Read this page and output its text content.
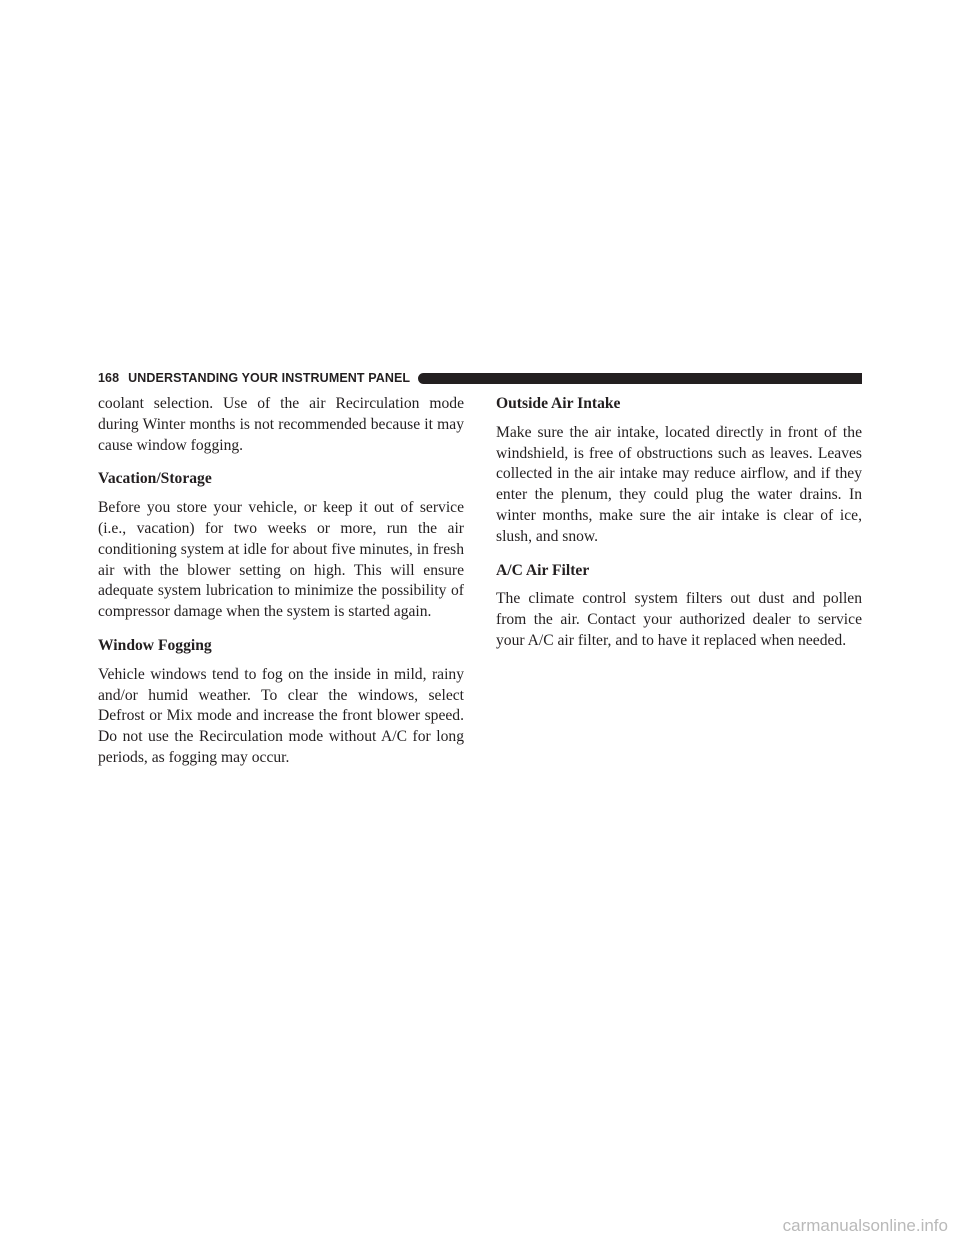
168 UNDERSTANDING YOUR INSTRUMENT PANEL

coolant selection. Use of the air Recirculation mode during Winter months is not recommended because it may cause window fogging.

Vacation/Storage

Before you store your vehicle, or keep it out of service (i.e., vacation) for two weeks or more, run the air conditioning system at idle for about five minutes, in fresh air with the blower setting on high. This will ensure adequate system lubrication to minimize the possibility of compressor damage when the system is started again.

Window Fogging

Vehicle windows tend to fog on the inside in mild, rainy and/or humid weather. To clear the windows, select Defrost or Mix mode and increase the front blower speed. Do not use the Recirculation mode without A/C for long periods, as fogging may occur.

Outside Air Intake

Make sure the air intake, located directly in front of the windshield, is free of obstructions such as leaves. Leaves collected in the air intake may reduce airflow, and if they enter the plenum, they could plug the water drains. In winter months, make sure the air intake is clear of ice, slush, and snow.

A/C Air Filter

The climate control system filters out dust and pollen from the air. Contact your authorized dealer to service your A/C air filter, and to have it replaced when needed.

carmanualsonline.info
